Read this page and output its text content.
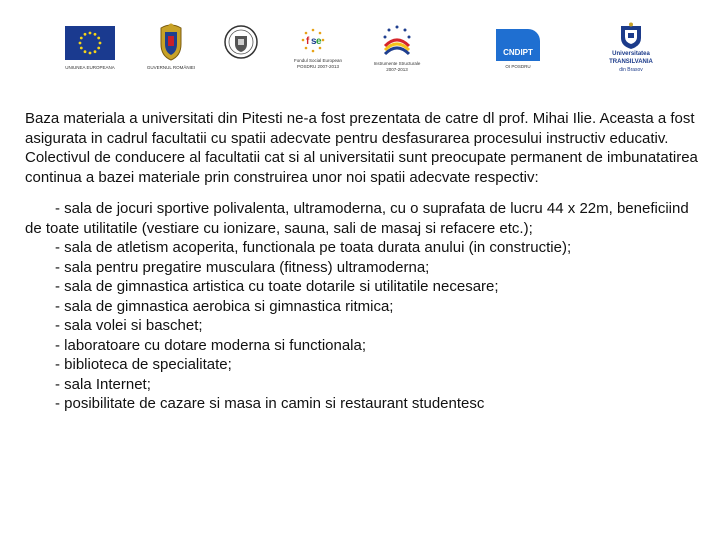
UNIUNEA EUROPEANA	GUVERNUL ROMÂNIEI
f s e
Fondul Social European
POSDRU 2007-2013
Instrumente Structurale
2007-2013
CNDIPT
OI POSDRU
Universitatea
TRANSILVANIA
din Brasov

Baza materiala a universitati din Pitesti ne-a fost prezentata de catre dl prof. Mihai Ilie. Aceasta a fost asigurata in cadrul facultatii cu spatii adecvate pentru desfasurarea procesului instructiv educativ. Colectivul de conducere al facultatii cat si al universitatii sunt preocupate permanent de imbunatatirea continua a bazei materiale prin construirea unor noi spatii adecvate respectiv:

- sala de jocuri sportive polivalenta, ultramoderna, cu o suprafata de lucru 44 x 22m, beneficiind de toate utilitatile (vestiare cu ionizare, sauna, sali de masaj si refacere etc.);
- sala de atletism acoperita, functionala pe toata durata anului (in constructie);
- sala pentru pregatire musculara (fitness) ultramoderna;
- sala de gimnastica artistica cu toate dotarile si utilitatile necesare;
- sala de gimnastica aerobica si gimnastica ritmica;
- sala volei si baschet;
- laboratoare cu dotare moderna si functionala;
- biblioteca de specialitate;
- sala Internet;
- posibilitate de cazare si masa in camin si restaurant studentesc
